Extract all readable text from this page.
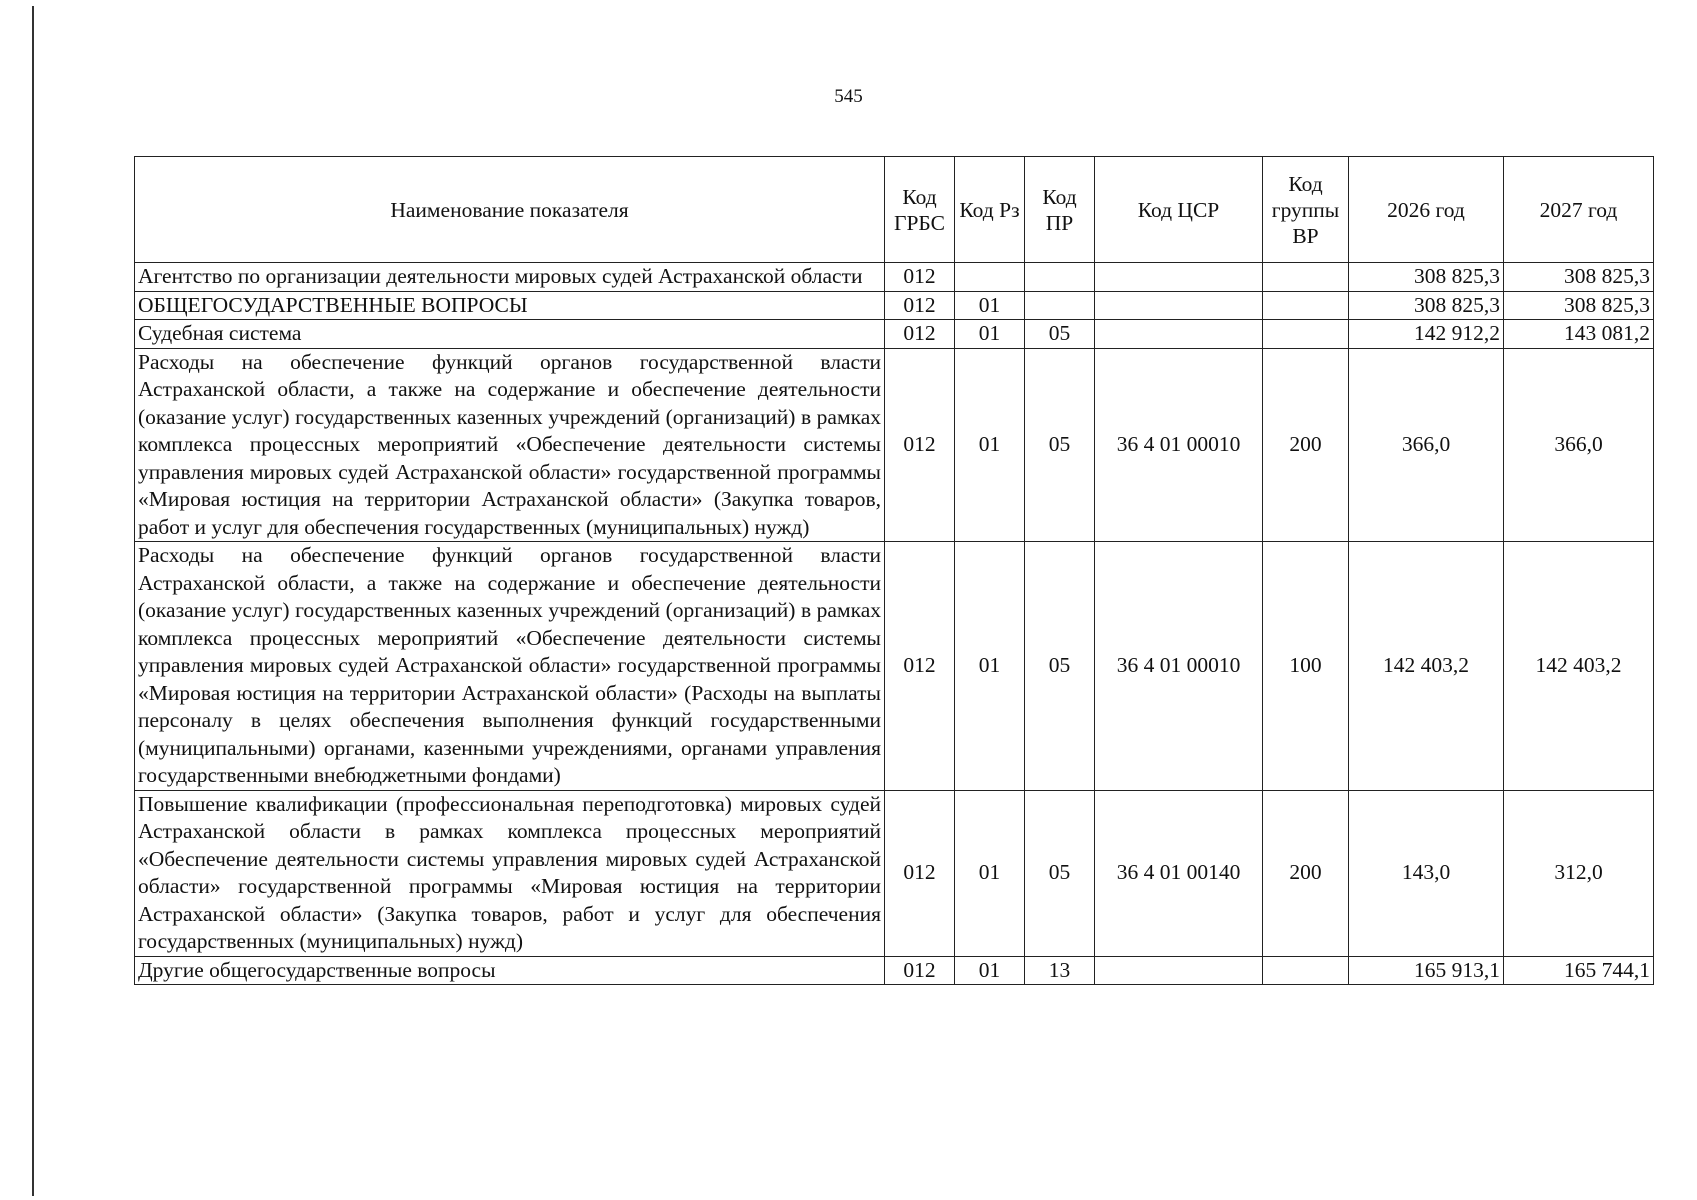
545
Наименование показателя	Код ГРБС	Код Рз	Код ПР	Код ЦСР	Код группы ВР	2026 год	2027 год
Агентство по организации деятельности мировых судей Астраханской области	012					308 825,3	308 825,3
ОБЩЕГОСУДАРСТВЕННЫЕ ВОПРОСЫ	012	01				308 825,3	308 825,3
Судебная система	012	01	05			142 912,2	143 081,2
Расходы на обеспечение функций органов государственной власти Астраханской области, а также на содержание и обеспечение деятельности (оказание услуг) государственных казенных учреждений (организаций) в рамках комплекса процессных мероприятий «Обеспечение деятельности системы управления мировых судей Астраханской области» государственной программы «Мировая юстиция на территории Астраханской области» (Закупка товаров, работ и услуг для обеспечения государственных (муниципальных) нужд)	012	01	05	36 4 01 00010	200	366,0	366,0
Расходы на обеспечение функций органов государственной власти Астраханской области, а также на содержание и обеспечение деятельности (оказание услуг) государственных казенных учреждений (организаций) в рамках комплекса процессных мероприятий «Обеспечение деятельности системы управления мировых судей Астраханской области» государственной программы «Мировая юстиция на территории Астраханской области» (Расходы на выплаты персоналу в целях обеспечения выполнения функций государственными (муниципальными) органами, казенными учреждениями, органами управления государственными внебюджетными фондами)	012	01	05	36 4 01 00010	100	142 403,2	142 403,2
Повышение квалификации (профессиональная переподготовка) мировых судей Астраханской области в рамках комплекса процессных мероприятий «Обеспечение деятельности системы управления мировых судей Астраханской области» государственной программы «Мировая юстиция на территории Астраханской области» (Закупка товаров, работ и услуг для обеспечения государственных (муниципальных) нужд)	012	01	05	36 4 01 00140	200	143,0	312,0
Другие общегосударственные вопросы	012	01	13			165 913,1	165 744,1
